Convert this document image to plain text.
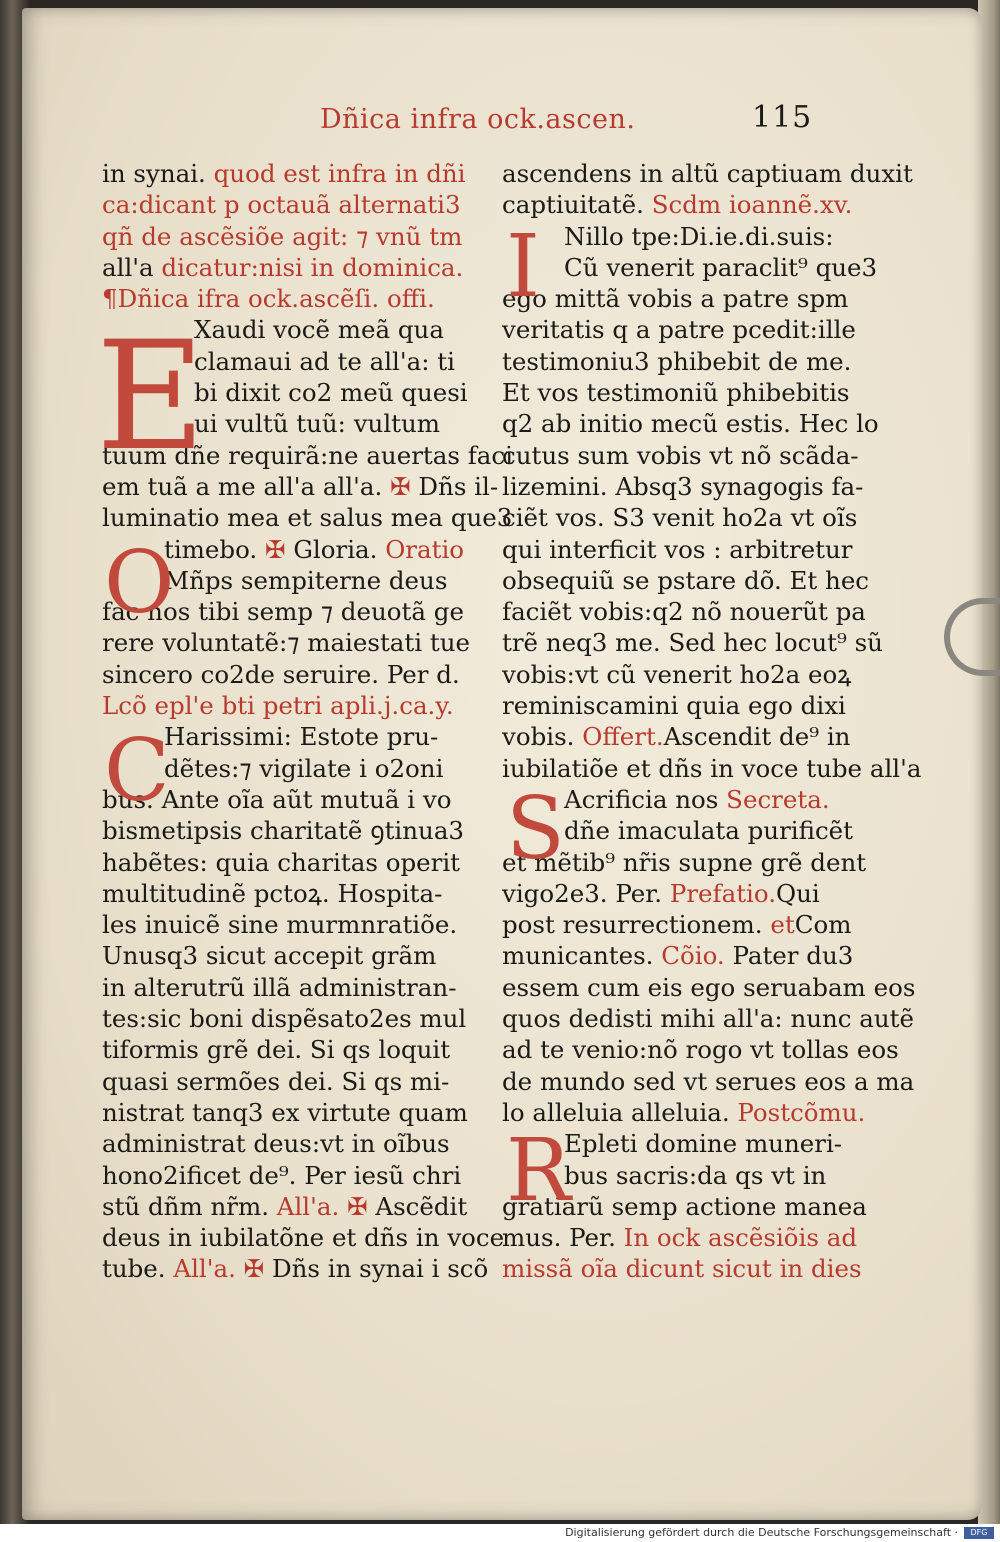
Dñica infra ock.ascen.	115
in synai. quod est infra in dñi
ca:dicant p octauã alternati3
qñ de ascẽsiõe agit: ⁊ vnũ tm
all'a dicatur:nisi in dominica.
¶Dñica ifra ock.ascẽſi. offi.
Xaudi vocẽ meã qua
clamaui ad te all'a: ti
bi dixit co2 meũ quesi
ui vultũ tuũ: vultum
tuum dñe requirã:ne auertas faci
em tuã a me all'a all'a. ✠ Dñs il-
luminatio mea et salus mea que3
timebo. ✠ Gloria. Oratio
Mñps sempiterne deus
fac nos tibi semp ⁊ deuotã ge
rere voluntatẽ:⁊ maiestati tue
sincero co2de seruire. Per d.
Lcõ epl'e bti petri apli.j.ca.y.
Harissimi: Estote pru-
dẽtes:⁊ vigilate i o2oni
bus. Ante oĩa aũt mutuã i vo
bismetipsis charitatẽ ꝯtinua3
habẽtes: quia charitas operit
multitudinẽ pctoꝝ. Hospita-
les inuicẽ sine murmnratiõe.
Unusq3 sicut accepit grãm
in alterutrũ illã administran-
tes:sic boni dispẽsato2es mul
tiformis grẽ dei. Si qs loquit
quasi sermões dei. Si qs mi-
nistrat tanq3 ex virtute quam
administrat deus:vt in oĩbus
hono2ificet de⁹. Per iesũ chri
stũ dñm nr̃m. All'a. ✠ Ascẽdit
deus in iubilatõne et dñs in voce
tube. All'a. ✠ Dñs in synai i scõ
ascendens in altũ captiuam duxit
captiuitatẽ. Scdm ioannẽ.xv.
Nillo tpe:Di.ie.di.suis:
Cũ venerit paraclit⁹ que3
ego mittã vobis a patre spm
veritatis q a patre pcedit:ille
testimoniu3 phibebit de me.
Et vos testimoniũ phibebitis
q2 ab initio mecũ estis. Hec lo
cutus sum vobis vt nõ scãda-
lizemini. Absq3 synagogis fa-
ciẽt vos. S3 venit ho2a vt oĩs
qui interficit vos : arbitretur
obsequiũ se pstare dõ. Et hec
faciẽt vobis:q2 nõ nouerũt pa
trẽ neq3 me. Sed hec locut⁹ sũ
vobis:vt cũ venerit ho2a eoꝝ
reminiscamini quia ego dixi
vobis. Offert.Ascendit de⁹ in
iubilatiõe et dñs in voce tube all'a
Acrificia nos Secreta.
dñe imaculata purificẽt
et mẽtib⁹ nr̃is supne grẽ dent
vigo2e3. Per. Prefatio.Qui
post resurrectionem. etCom
municantes. Cõio. Pater du3
essem cum eis ego seruabam eos
quos dedisti mihi all'a: nunc autẽ
ad te venio:nõ rogo vt tollas eos
de mundo sed vt serues eos a ma
lo alleluia alleluia. Postcõmu.
Epleti domine muneri-
bus sacris:da qs vt in
gratiarũ semp actione manea
mus. Per. In ock ascẽsiõis ad
missã oĩa dicunt sicut in dies
E
O
C
I
S
R
Digitalisierung gefördert durch die Deutsche Forschungsgemeinschaft ·	DFG
